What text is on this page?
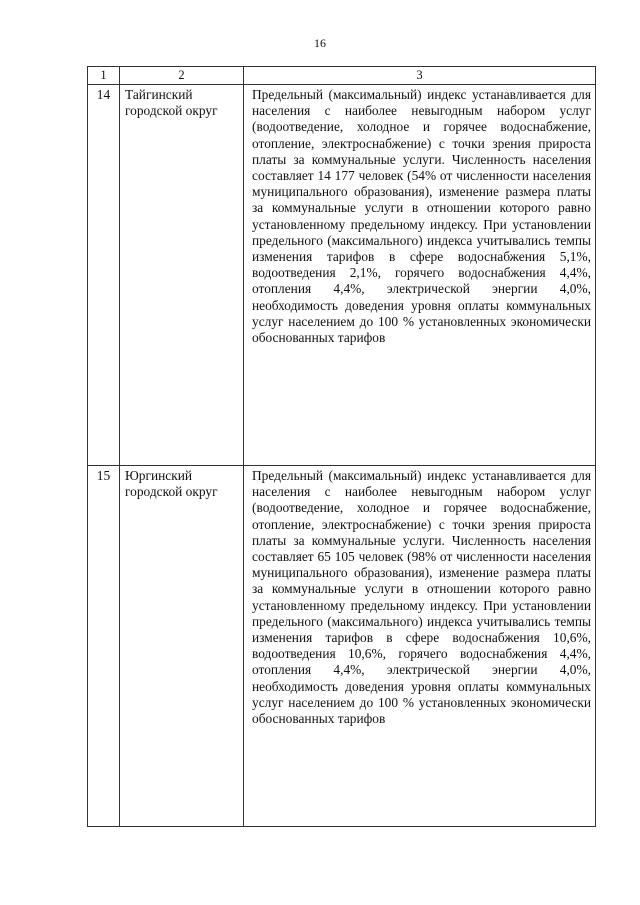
16
1	2	3
14	Тайгинский городской округ	Предельный (максимальный) индекс устанавливается для населения с наиболее невыгодным набором услуг (водоотведение, холодное и горячее водоснабжение, отопление, электроснабжение) с точки зрения прироста платы за коммунальные услуги. Численность населения составляет 14 177 человек (54% от численности населения муниципального образования), изменение размера платы за коммунальные услуги в отношении которого равно установленному предельному индексу. При установлении предельного (максимального) индекса учитывались темпы изменения тарифов в сфере водоснабжения 5,1%, водоотведения 2,1%, горячего водоснабжения 4,4%, отопления 4,4%, электрической энергии 4,0%, необходимость доведения уровня оплаты коммунальных услуг населением до 100 % установленных экономически обоснованных тарифов

15	Юргинский городской округ	Предельный (максимальный) индекс устанавливается для населения с наиболее невыгодным набором услуг (водоотведение, холодное и горячее водоснабжение, отопление, электроснабжение) с точки зрения прироста платы за коммунальные услуги. Численность населения составляет 65 105 человек (98% от численности населения муниципального образования), изменение размера платы за коммунальные услуги в отношении которого равно установленному предельному индексу. При установлении предельного (максимального) индекса учитывались темпы изменения тарифов в сфере водоснабжения 10,6%, водоотведения 10,6%, горячего водоснабжения 4,4%, отопления 4,4%, электрической энергии 4,0%, необходимость доведения уровня оплаты коммунальных услуг населением до 100 % установленных экономически обоснованных тарифов
